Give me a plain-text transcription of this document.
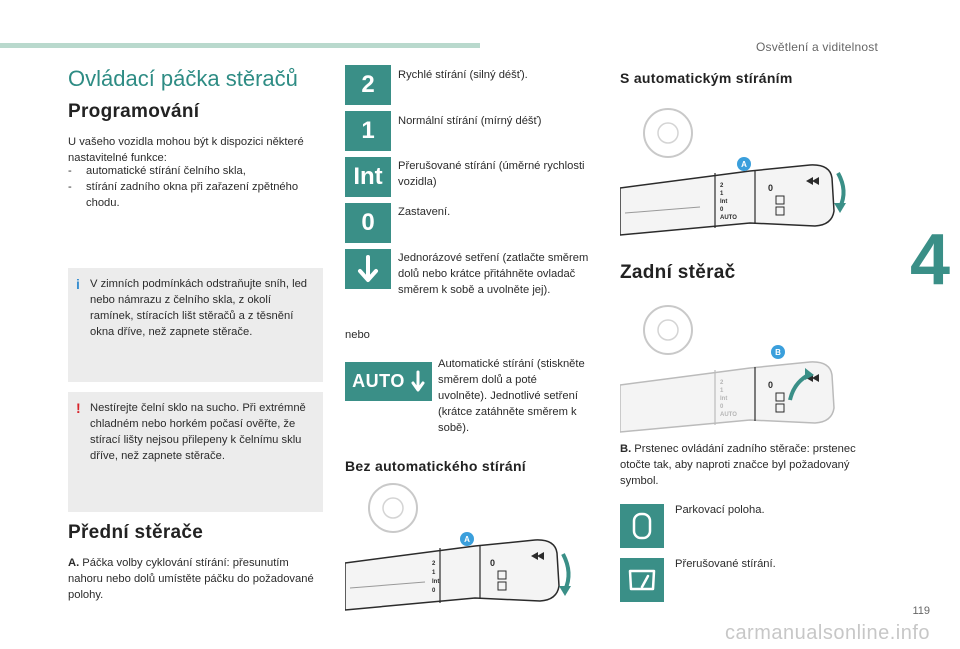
Osvětlení a viditelnost
4
Ovládací páčka stěračů
Programování

U vašeho vozidla mohou být k dispozici některé nastavitelné funkce:

- automatické stírání čelního skla,
- stírání zadního okna při zařazení zpětného chodu.
i V zimních podmínkách odstraňujte sníh, led nebo námrazu z čelního skla, z okolí ramínek, stíracích lišt stěračů a z těsnění okna dříve, než zapnete stěrače.
! Nestírejte čelní sklo na sucho. Při extrémně chladném nebo horkém počasí ověřte, že stírací lišty nejsou přilepeny k čelnímu sklu dříve, než zapnete stěrače.
Přední stěrače

A. Páčka volby cyklování stírání: přesunutím nahoru nebo dolů umístěte páčku do požadované polohy.

2	Rychlé stírání (silný déšť).

1	Normální stírání (mírný déšť)

Int	Přerušované stírání (úměrné rychlosti vozidla)

0	Zastavení.

Jednorázové setření (zatlačte směrem dolů nebo krátce přitáhněte ovladač směrem k sobě a uvolněte jej).

nebo

AUTO

Automatické stírání (stiskněte směrem dolů a poté uvolněte). Jednotlivé setření (krátce zatáhněte směrem k sobě).

Bez automatického stírání
2
1
Int
0
0
A
S automatickým stíráním
2
1
Int
0
AUTO
0
A
Zadní stěrač
2
1
Int
0
AUTO
0
B

B. Prstenec ovládání zadního stěrače: prstenec otočte tak, aby naproti značce byl požadovaný symbol.

Parkovací poloha.

Přerušované stírání.

119
carmanualsonline.info
